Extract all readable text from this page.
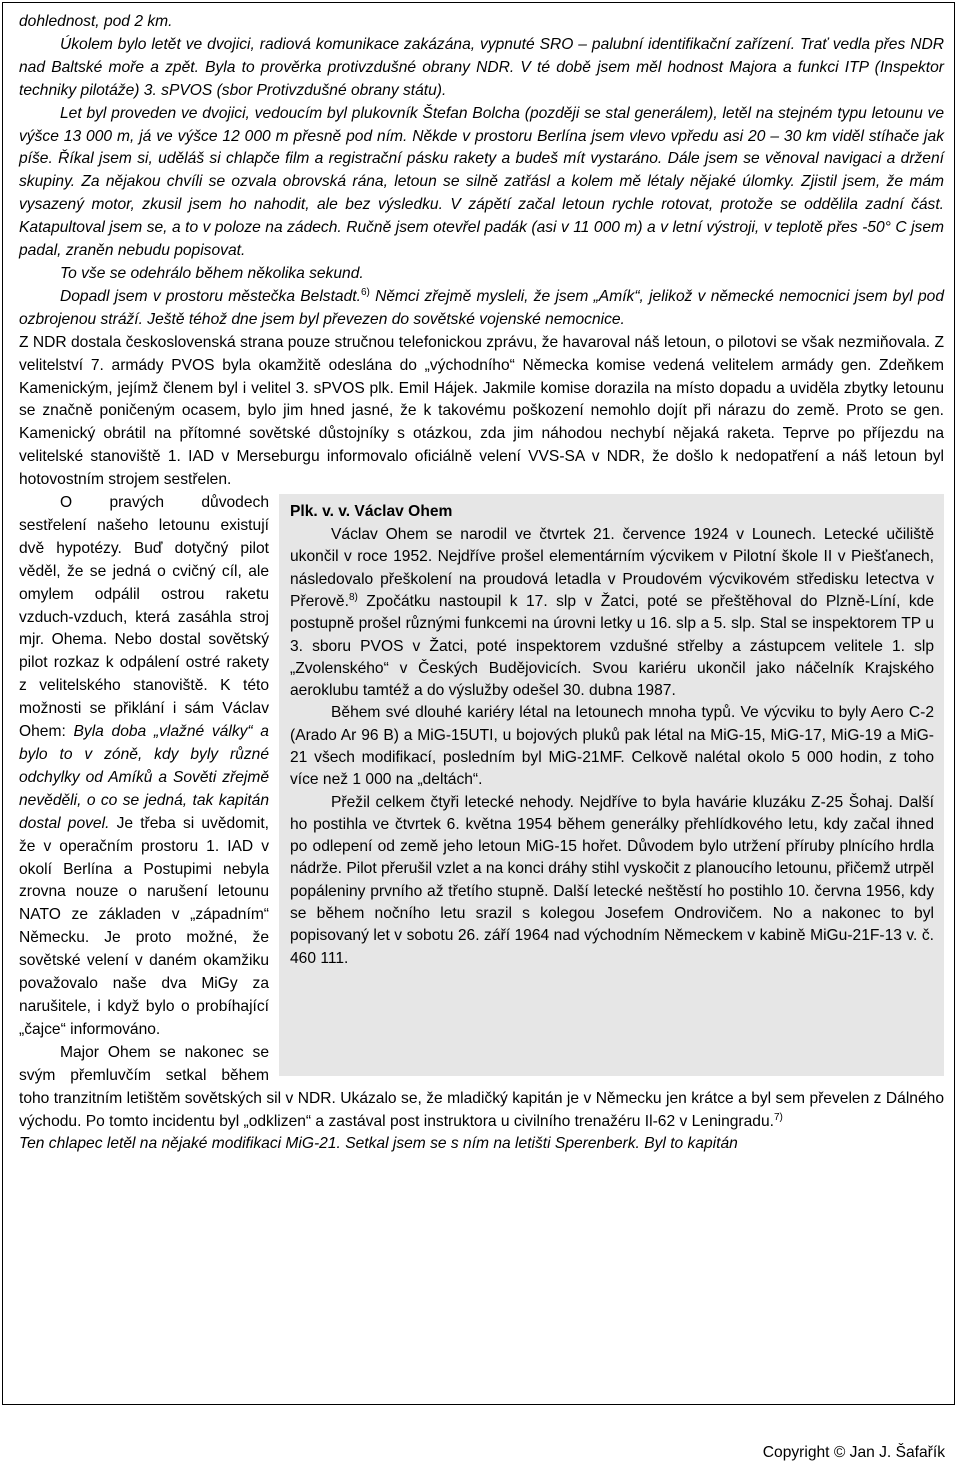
dohlednost, pod 2 km.

Úkolem bylo letět ve dvojici, radiová komunikace zakázána, vypnuté SRO – palubní identifikační zařízení. Trať vedla přes NDR nad Baltské moře a zpět. Byla to prověrka protivzdušné obrany NDR. V té době jsem měl hodnost Majora a funkci ITP (Inspektor techniky pilotáže) 3. sPVOS (sbor Protivzdušné obrany státu).

Let byl proveden ve dvojici, vedoucím byl plukovník Štefan Bolcha (později se stal generálem), letěl na stejném typu letounu ve výšce 13 000 m, já ve výšce 12 000 m přesně pod ním. Někde v prostoru Berlína jsem vlevo vpředu asi 20 – 30 km viděl stíhače jak píše. Říkal jsem si, uděláš si chlapče film a registrační pásku rakety a budeš mít vystaráno. Dále jsem se věnoval navigaci a držení skupiny. Za nějakou chvíli se ozvala obrovská rána, letoun se silně zatřásl a kolem mě létaly nějaké úlomky. Zjistil jsem, že mám vysazený motor, zkusil jsem ho nahodit, ale bez výsledku. V zápětí začal letoun rychle rotovat, protože se oddělila zadní část. Katapultoval jsem se, a to v poloze na zádech. Ručně jsem otevřel padák (asi v 11 000 m) a v letní výstroji, v teplotě přes -50° C jsem padal, zraněn nebudu popisovat.

To vše se odehrálo během několika sekund.

Dopadl jsem v prostoru městečka Belstadt.$^{6)}$ Němci zřejmě mysleli, že jsem „Amík“, jelikož v německé nemocnici jsem byl pod ozbrojenou stráží. Ještě téhož dne jsem byl převezen do sovětské vojenské nemocnice.

Z NDR dostala československá strana pouze stručnou telefonickou zprávu, že havaroval náš letoun, o pilotovi se však nezmiňovala. Z velitelství 7. armády PVOS byla okamžitě odeslána do „východního“ Německa komise vedená velitelem armády gen. Zdeňkem Kamenickým, jejímž členem byl i velitel 3. sPVOS plk. Emil Hájek. Jakmile komise dorazila na místo dopadu a uviděla zbytky letounu se značně poničeným ocasem, bylo jim hned jasné, že k takovému poškození nemohlo dojít při nárazu do země. Proto se gen. Kamenický obrátil na přítomné sovětské důstojníky s otázkou, zda jim náhodou nechybí nějaká raketa. Teprve po příjezdu na velitelské stanoviště 1. IAD v Merseburgu informovalo oficiálně velení VVS-SA v NDR, že došlo k nedopatření a náš letoun byl hotovostním strojem sestřelen.

Plk. v. v. Václav Ohem

Václav Ohem se narodil ve čtvrtek 21. července 1924 v Lounech. Letecké učiliště ukončil v roce 1952. Nejdříve prošel elementárním výcvikem v Pilotní škole II v Piešťanech, následovalo přeškolení na proudová letadla v Proudovém výcvikovém středisku letectva v Přerově.$^{8)}$ Zpočátku nastoupil k 17. slp v Žatci, poté se přeštěhoval do Plzně-Líní, kde postupně prošel různými funkcemi na úrovni letky u 16. slp a 5. slp. Stal se inspektorem TP u 3. sboru PVOS v Žatci, poté inspektorem vzdušné střelby a zástupcem velitele 1. slp „Zvolenského“ v Českých Budějovicích. Svou kariéru ukončil jako náčelník Krajského aeroklubu tamtéž a do výslužby odešel 30. dubna 1987.

Během své dlouhé kariéry létal na letounech mnoha typů. Ve výcviku to byly Aero C-2 (Arado Ar 96 B) a MiG-15UTI, u bojových pluků pak létal na MiG-15, MiG-17, MiG-19 a MiG-21 všech modifikací, posledním byl MiG-21MF. Celkově nalétal okolo 5 000 hodin, z toho více než 1 000 na „deltách“.

Přežil celkem čtyři letecké nehody. Nejdříve to byla havárie kluzáku Z-25 Šohaj. Další ho postihla ve čtvrtek 6. května 1954 během generálky přehlídkového letu, kdy začal ihned po odlepení od země jeho letoun MiG-15 hořet. Důvodem bylo utržení příruby plnícího hrdla nádrže. Pilot přerušil vzlet a na konci dráhy stihl vyskočit z planoucího letounu, přičemž utrpěl popáleniny prvního až třetího stupně. Další letecké neštěstí ho postihlo 10. června 1956, kdy se během nočního letu srazil s kolegou Josefem Ondrovičem. No a nakonec to byl popisovaný let v sobotu 26. září 1964 nad východním Německem v kabině MiGu-21F-13 v. č. 460 111.

O pravých důvodech sestřelení našeho letounu existují dvě hypotézy. Buď dotyčný pilot věděl, že se jedná o cvičný cíl, ale omylem odpálil ostrou raketu vzduch-vzduch, která zasáhla stroj mjr. Ohema. Nebo dostal sovětský pilot rozkaz k odpálení ostré rakety z velitelského stanoviště. K této možnosti se přiklání i sám Václav Ohem: Byla doba „vlažné války“ a bylo to v zóně, kdy byly různé odchylky od Amíků a Sověti zřejmě nevěděli, o co se jedná, tak kapitán dostal povel. Je třeba si uvědomit, že v operačním prostoru 1. IAD v okolí Berlína a Postupimi nebyla zrovna nouze o narušení letounu NATO ze základen v „západním“ Německu. Je proto možné, že sovětské velení v daném okamžiku považovalo naše dva MiGy za narušitele, i když bylo o probíhající „čajce“ informováno.

Major Ohem se nakonec se svým přemluvčím setkal během toho tranzitním letištěm sovětských sil v NDR. Ukázalo se, že mladičký kapitán je v Německu jen krátce a byl sem převelen z Dálného východu. Po tomto incidentu byl „odklizen“ a zastával post instruktora u civilního trenažéru Il-62 v Leningradu.$^{7)}$

Ten chlapec letěl na nějaké modifikaci MiG-21. Setkal jsem se s ním na letišti Sperenberk. Byl to kapitán

Copyright © Jan J. Šafařík
